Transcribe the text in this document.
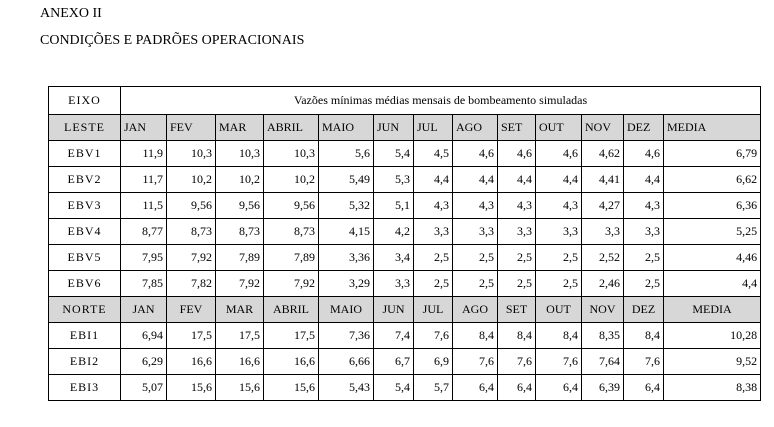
ANEXO II
CONDIÇÕES E PADRÕES OPERACIONAIS
EIXO	Vazões mínimas médias mensais de bombeamento simuladas												
LESTE	JAN	FEV	MAR	ABRIL	MAIO	JUN	JUL	AGO	SET	OUT	NOV	DEZ	MEDIA
EBV1	11,9	10,3	10,3	10,3	5,6	5,4	4,5	4,6	4,6	4,6	4,62	4,6	6,79
EBV2	11,7	10,2	10,2	10,2	5,49	5,3	4,4	4,4	4,4	4,4	4,41	4,4	6,62
EBV3	11,5	9,56	9,56	9,56	5,32	5,1	4,3	4,3	4,3	4,3	4,27	4,3	6,36
EBV4	8,77	8,73	8,73	8,73	4,15	4,2	3,3	3,3	3,3	3,3	3,3	3,3	5,25
EBV5	7,95	7,92	7,89	7,89	3,36	3,4	2,5	2,5	2,5	2,5	2,52	2,5	4,46
EBV6	7,85	7,82	7,92	7,92	3,29	3,3	2,5	2,5	2,5	2,5	2,46	2,5	4,4
NORTE	JAN	FEV	MAR	ABRIL	MAIO	JUN	JUL	AGO	SET	OUT	NOV	DEZ	MEDIA
EBI1	6,94	17,5	17,5	17,5	7,36	7,4	7,6	8,4	8,4	8,4	8,35	8,4	10,28
EBI2	6,29	16,6	16,6	16,6	6,66	6,7	6,9	7,6	7,6	7,6	7,64	7,6	9,52
EBI3	5,07	15,6	15,6	15,6	5,43	5,4	5,7	6,4	6,4	6,4	6,39	6,4	8,38
